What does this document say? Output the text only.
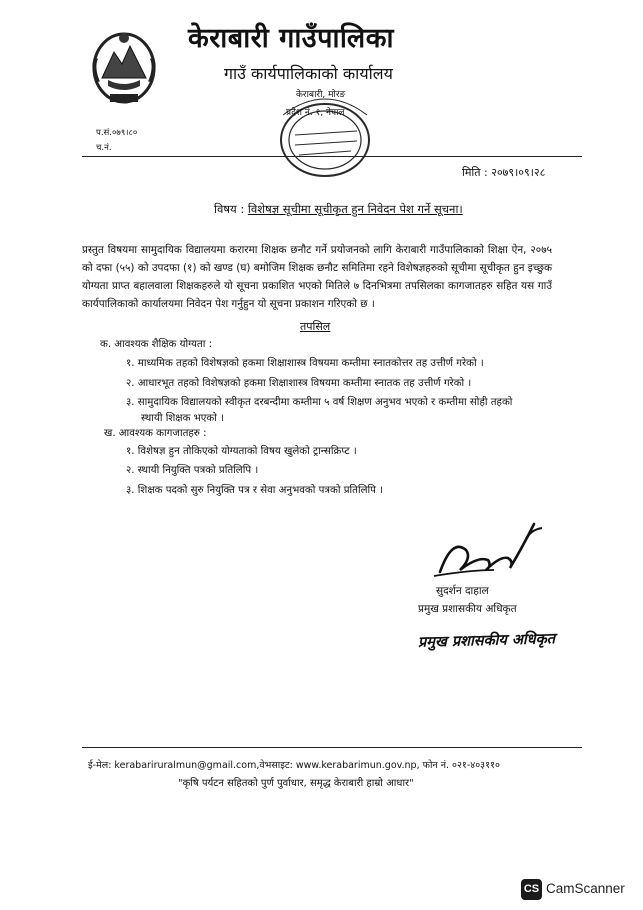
केराबारी गाउँपालिका
गाउँ कार्यपालिकाको कार्यालय
केराबारी, मोरङ
प्रदेश नं. १, नेपाल
प.सं.०७९।८०
च.नं.
मिति : २०७९।०९।२८
विषय : विशेषज्ञ सूचीमा सूचीकृत हुन निवेदन पेश गर्ने सूचना।
प्रस्तुत विषयमा सामुदायिक विद्यालयमा करारमा शिक्षक छनौट गर्ने प्रयोजनको लागि केराबारी गाउँपालिकाको शिक्षा ऐन, २०७५ को दफा (५५) को उपदफा (१) को खण्ड (घ) बमोजिम शिक्षक छनौट समितिमा रहने विशेषज्ञहरुको सूचीमा सूचीकृत हुन इच्छुक योग्यता प्राप्त बहालवाला शिक्षकहरुले यो सूचना प्रकाशित भएको मितिले ७ दिनभित्रमा तपसिलका कागजातहरु सहित यस गाउँ कार्यपालिकाको कार्यालयमा निवेदन पेश गर्नुहुन यो सूचना प्रकाशन गरिएको छ ।
तपसिल
क. आवश्यक शैक्षिक योग्यता :
१. माध्यमिक तहको विशेषज्ञको हकमा शिक्षाशास्त्र विषयमा कम्तीमा स्नातकोत्तर तह उत्तीर्ण गरेको ।
२. आधारभूत तहको विशेषज्ञको हकमा शिक्षाशास्त्र विषयमा कम्तीमा स्नातक तह उत्तीर्ण गरेको ।
३. सामुदायिक विद्यालयको स्वीकृत दरबन्दीमा कम्तीमा ५ वर्ष शिक्षण अनुभव भएको र कम्तीमा सोही तहको
स्थायी शिक्षक भएको ।
ख. आवश्यक कागजातहरु :
१. विशेषज्ञ हुन तोकिएको योग्यताको विषय खुलेको ट्रान्सक्रिप्ट ।
२. स्थायी नियुक्ति पत्रको प्रतिलिपि ।
३. शिक्षक पदको सुरु नियुक्ति पत्र र सेवा अनुभवको पत्रको प्रतिलिपि ।
सुदर्शन दाहाल
प्रमुख प्रशासकीय अधिकृत
प्रमुख प्रशासकीय अधिकृत
ई-मेल: kerabariruralmun@gmail.com,वेभसाइट: www.kerabarimun.gov.np, फोन नं. ०२१-४०३११०
"कृषि पर्यटन सहितको पुर्ण पुर्वाधार, समृद्ध केराबारी हाम्रो आधार"
CS CamScanner
